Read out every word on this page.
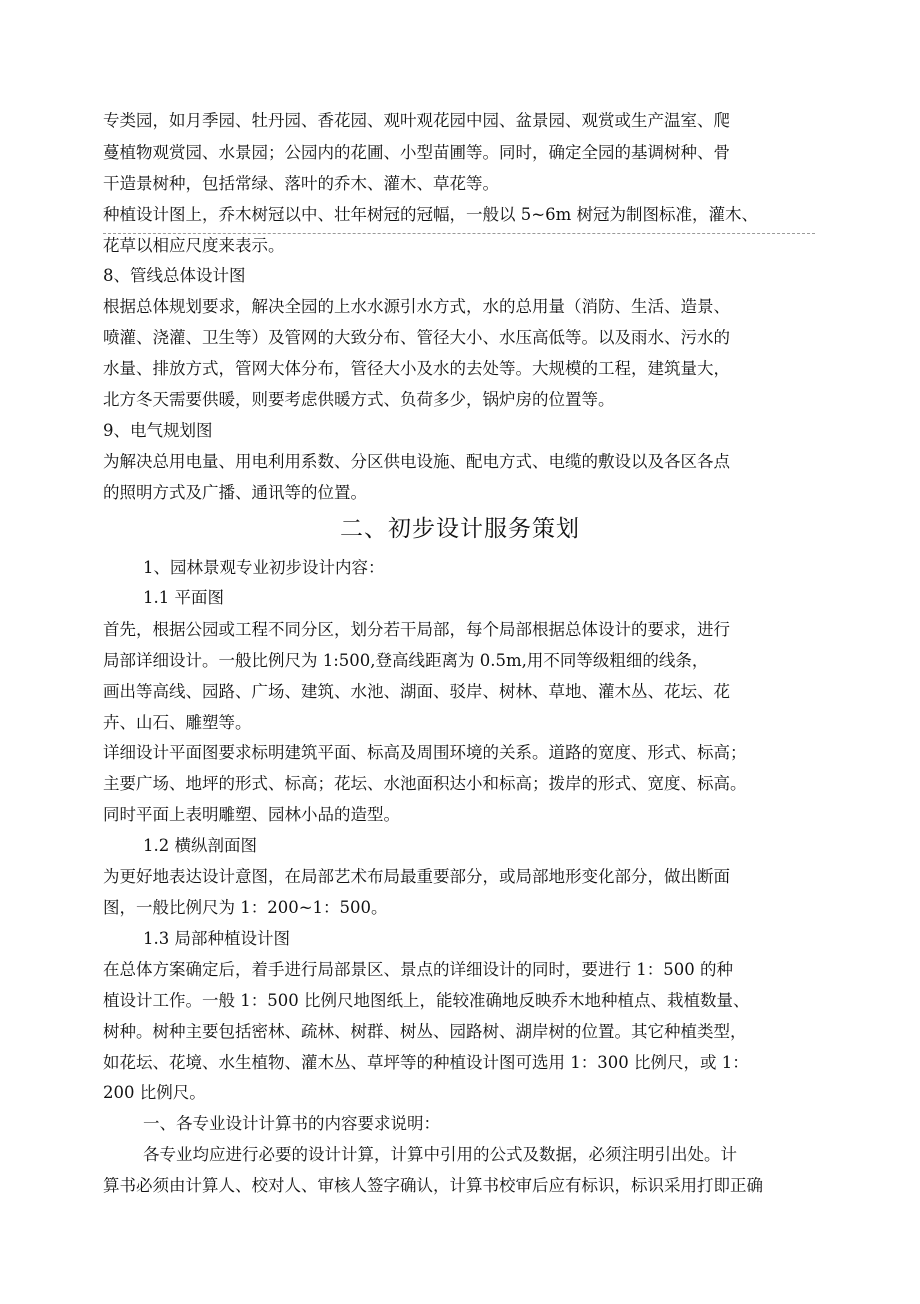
专类园，如月季园、牡丹园、香花园、观叶观花园中园、盆景园、观赏或生产温室、爬
蔓植物观赏园、水景园；公园内的花圃、小型苗圃等。同时，确定全园的基调树种、骨
干造景树种，包括常绿、落叶的乔木、灌木、草花等。
种植设计图上，乔木树冠以中、壮年树冠的冠幅，一般以 5~6m 树冠为制图标准，灌木、
花草以相应尺度来表示。
8、管线总体设计图
根据总体规划要求，解决全园的上水水源引水方式，水的总用量（消防、生活、造景、
喷灌、浇灌、卫生等）及管网的大致分布、管径大小、水压高低等。以及雨水、污水的
水量、排放方式，管网大体分布，管径大小及水的去处等。大规模的工程，建筑量大，
北方冬天需要供暖，则要考虑供暖方式、负荷多少，锅炉房的位置等。
9、电气规划图
为解决总用电量、用电利用系数、分区供电设施、配电方式、电缆的敷设以及各区各点
的照明方式及广播、通讯等的位置。
二、初步设计服务策划
1、园林景观专业初步设计内容：
1.1 平面图
首先，根据公园或工程不同分区，划分若干局部，每个局部根据总体设计的要求，进行
局部详细设计。一般比例尺为 1:500,登高线距离为 0.5m,用不同等级粗细的线条，
画出等高线、园路、广场、建筑、水池、湖面、驳岸、树林、草地、灌木丛、花坛、花
卉、山石、雕塑等。
详细设计平面图要求标明建筑平面、标高及周围环境的关系。道路的宽度、形式、标高；
主要广场、地坪的形式、标高；花坛、水池面积达小和标高；拨岸的形式、宽度、标高。
同时平面上表明雕塑、园林小品的造型。
1.2 横纵剖面图
为更好地表达设计意图，在局部艺术布局最重要部分，或局部地形变化部分，做出断面
图，一般比例尺为 1：200~1：500。
1.3 局部种植设计图
在总体方案确定后，着手进行局部景区、景点的详细设计的同时，要进行 1：500 的种
植设计工作。一般 1：500 比例尺地图纸上，能较准确地反映乔木地种植点、栽植数量、
树种。树种主要包括密林、疏林、树群、树丛、园路树、湖岸树的位置。其它种植类型，
如花坛、花境、水生植物、灌木丛、草坪等的种植设计图可选用 1：300 比例尺，或 1：
200 比例尺。
一、各专业设计计算书的内容要求说明：
各专业均应进行必要的设计计算，计算中引用的公式及数据，必须注明引出处。计
算书必须由计算人、校对人、审核人签字确认，计算书校审后应有标识，标识采用打即正确
